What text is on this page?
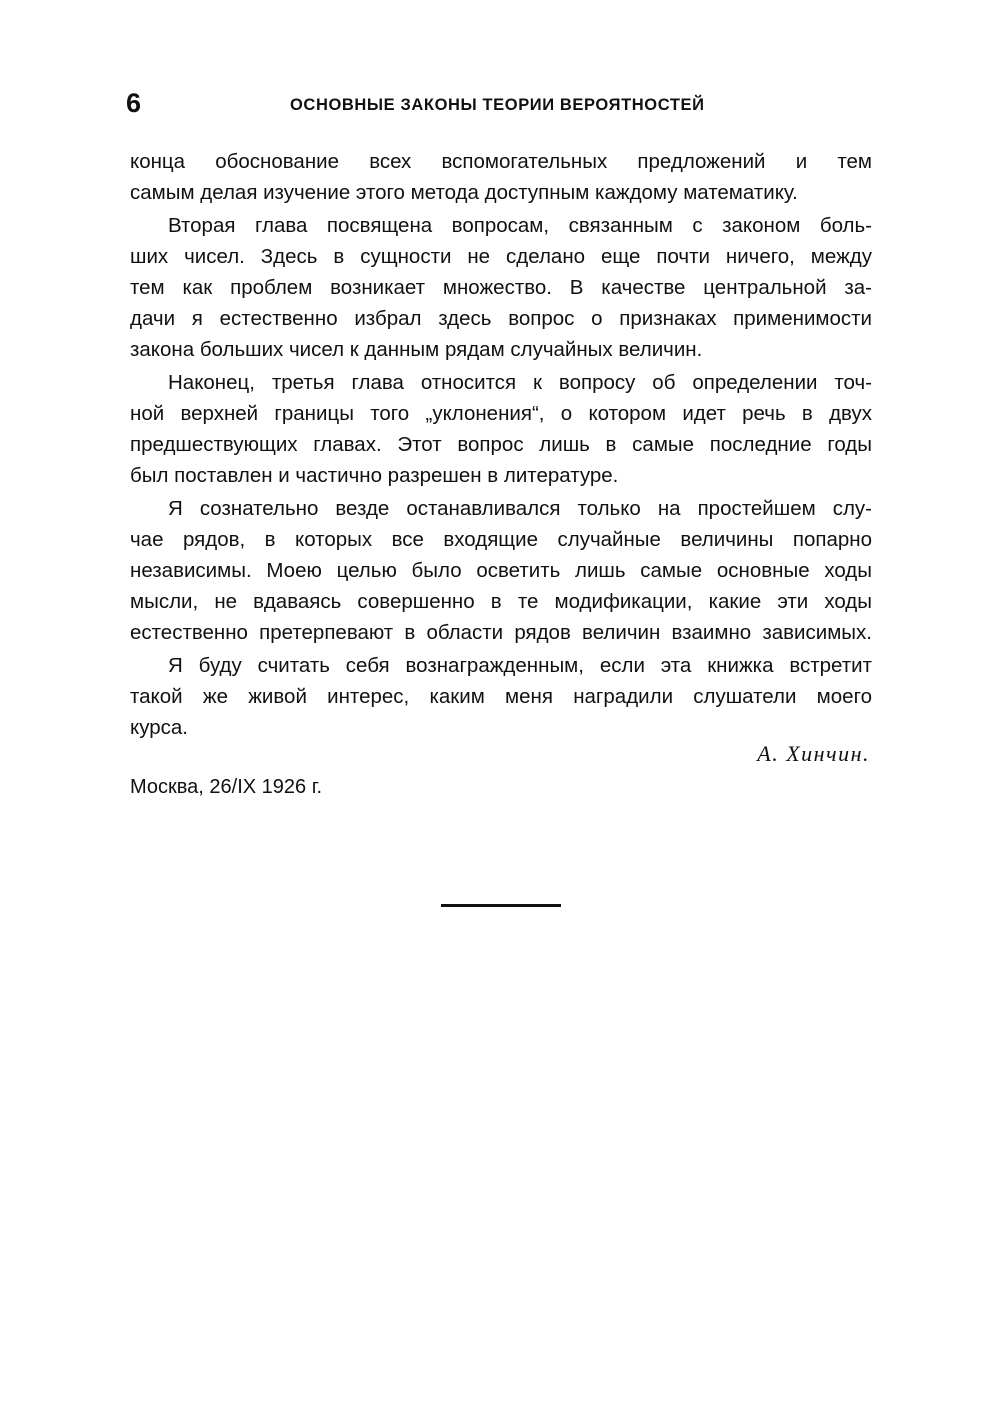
6	ОСНОВНЫЕ ЗАКОНЫ ТЕОРИИ ВЕРОЯТНОСТЕЙ
конца обоснование всех вспомогательных предложений и тем
самым делая изучение этого метода доступным каждому математику.
Вторая глава посвящена вопросам, связанным с законом боль-
ших чисел. Здесь в сущности не сделано еще почти ничего, между
тем как проблем возникает множество. В качестве центральной за-
дачи я естественно избрал здесь вопрос о признаках применимости
закона больших чисел к данным рядам случайных величин.
Наконец, третья глава относится к вопросу об определении точ-
ной верхней границы того „уклонения“, о котором идет речь в двух
предшествующих главах. Этот вопрос лишь в самые последние годы
был поставлен и частично разрешен в литературе.
Я сознательно везде останавливался только на простейшем слу-
чае рядов, в которых все входящие случайные величины попарно
независимы. Моею целью было осветить лишь самые основные ходы
мысли, не вдаваясь совершенно в те модификации, какие эти ходы
естественно претерпевают в области рядов величин взаимно зависимых.
Я буду считать себя вознагражденным, если эта книжка встретит
такой же живой интерес, каким меня наградили слушатели моего
курса.
А. Хинчин.
Москва, 26/IX 1926 г.
